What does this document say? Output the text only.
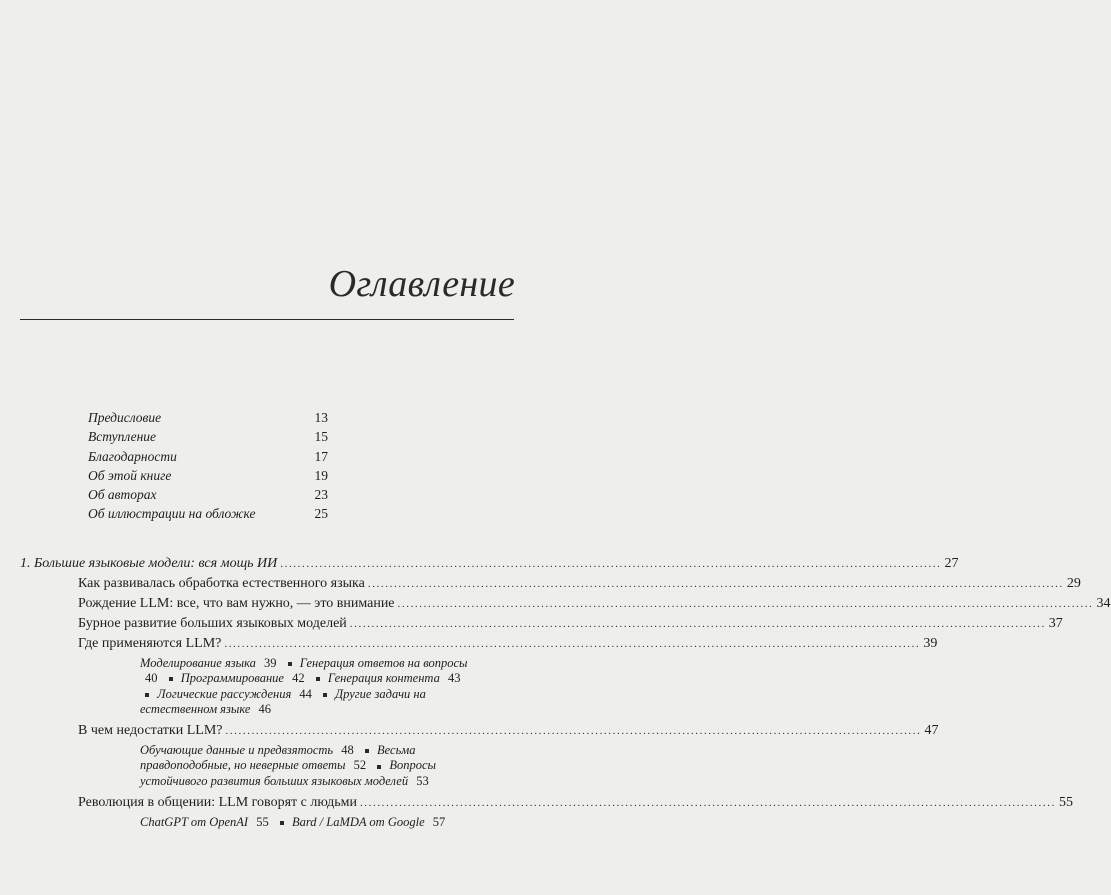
Оглавление
Предисловие	13
Вступление	15
Благодарности	17
Об этой книге	19
Об авторах	23
Об иллюстрации на обложке	25
1. Большие языковые модели: вся мощь ИИ ........................................................................................................................................................ 27
Как развивалась обработка естественного языка ................................................................................................................................................................ 29
Рождение LLM: все, что вам нужно, — это внимание ................................................................................................................................................................ 34
Бурное развитие больших языковых моделей ................................................................................................................................................................ 37
Где применяются LLM? ................................................................................................................................................................ 39
Моделирование языка 39 Генерация ответов на вопросы 40 Программирование 42 Генерация контента 43  Логические рассуждения 44 Другие задачи на естественном языке 46
В чем недостатки LLM? ................................................................................................................................................................ 47
Обучающие данные и предвзятость 48 Весьма правдоподобные, но неверные ответы 52 Вопросы устойчивого развития больших языковых моделей 53
Революция в общении: LLM говорят с людьми ................................................................................................................................................................ 55
ChatGPT от OpenAI 55 Bard / LaMDA от Google 57
